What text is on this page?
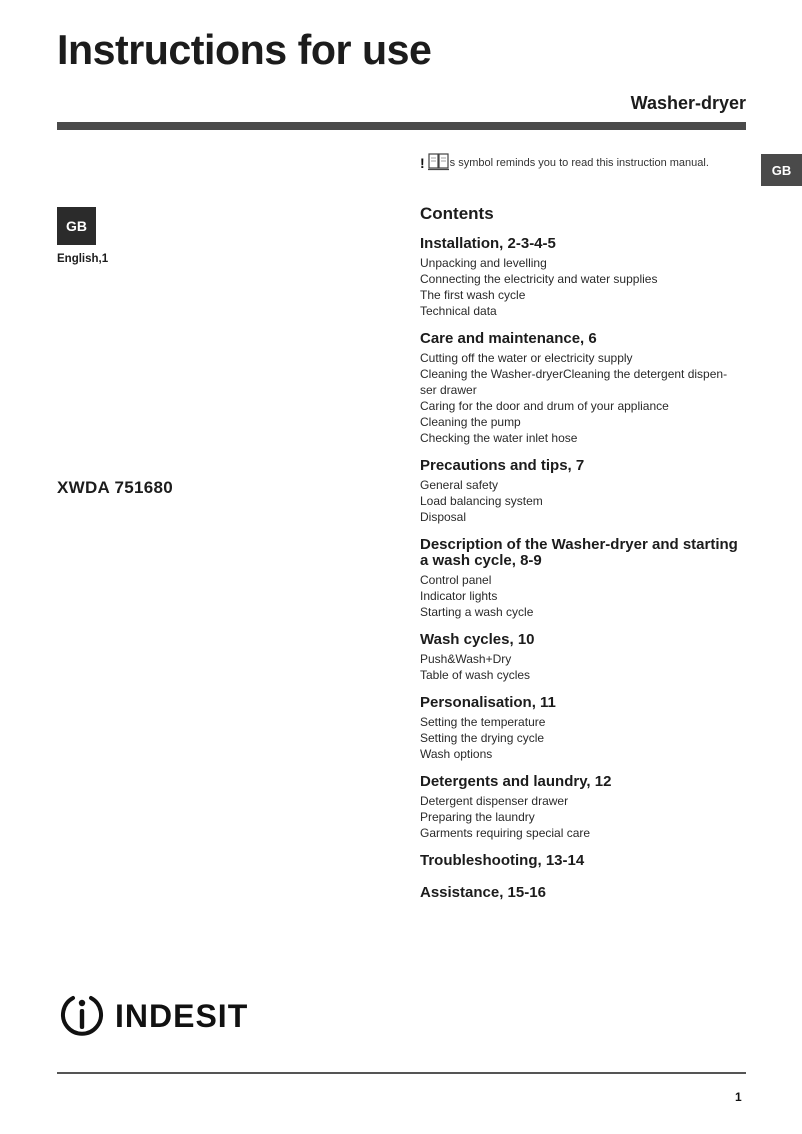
Instructions for use
Washer-dryer
! s symbol reminds you to read this instruction manual.	GB
GB
English,1
XWDA 751680
Contents
Installation, 2-3-4-5
Unpacking and levelling
Connecting the electricity and water supplies
The first wash cycle
Technical data
Care and maintenance, 6
Cutting off the water or electricity supply
Cleaning the Washer-dryerCleaning the detergent dispen-
ser drawer
Caring for the door and drum of your appliance
Cleaning the pump
Checking the water inlet hose
Precautions and tips, 7
General safety
Load balancing system
Disposal
Description of the Washer-dryer and starting a wash cycle, 8-9
Control panel
Indicator lights
Starting a wash cycle
Wash cycles, 10
Push&Wash+Dry
Table of wash cycles
Personalisation, 11
Setting the temperature
Setting the drying cycle
Wash options
Detergents and laundry, 12
Detergent dispenser drawer
Preparing the laundry
Garments requiring special care
Troubleshooting, 13-14
Assistance, 15-16
INDESIT
1
